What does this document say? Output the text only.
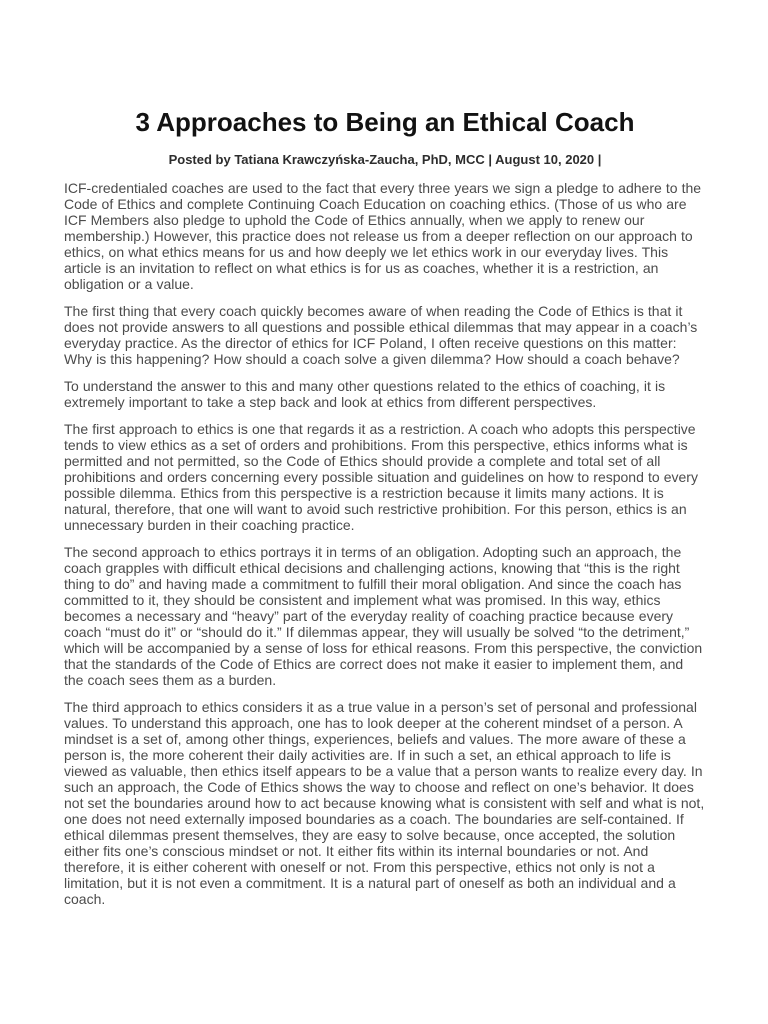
3 Approaches to Being an Ethical Coach
Posted by Tatiana Krawczyńska-Zaucha, PhD, MCC | August 10, 2020 |

ICF-credentialed coaches are used to the fact that every three years we sign a pledge to adhere to the Code of Ethics and complete Continuing Coach Education on coaching ethics. (Those of us who are ICF Members also pledge to uphold the Code of Ethics annually, when we apply to renew our membership.) However, this practice does not release us from a deeper reflection on our approach to ethics, on what ethics means for us and how deeply we let ethics work in our everyday lives. This article is an invitation to reflect on what ethics is for us as coaches, whether it is a restriction, an obligation or a value.

The first thing that every coach quickly becomes aware of when reading the Code of Ethics is that it does not provide answers to all questions and possible ethical dilemmas that may appear in a coach’s everyday practice. As the director of ethics for ICF Poland, I often receive questions on this matter: Why is this happening? How should a coach solve a given dilemma? How should a coach behave?

To understand the answer to this and many other questions related to the ethics of coaching, it is extremely important to take a step back and look at ethics from different perspectives.

The first approach to ethics is one that regards it as a restriction. A coach who adopts this perspective tends to view ethics as a set of orders and prohibitions. From this perspective, ethics informs what is permitted and not permitted, so the Code of Ethics should provide a complete and total set of all prohibitions and orders concerning every possible situation and guidelines on how to respond to every possible dilemma. Ethics from this perspective is a restriction because it limits many actions. It is natural, therefore, that one will want to avoid such restrictive prohibition. For this person, ethics is an unnecessary burden in their coaching practice.

The second approach to ethics portrays it in terms of an obligation. Adopting such an approach, the coach grapples with difficult ethical decisions and challenging actions, knowing that “this is the right thing to do” and having made a commitment to fulfill their moral obligation. And since the coach has committed to it, they should be consistent and implement what was promised. In this way, ethics becomes a necessary and “heavy” part of the everyday reality of coaching practice because every coach “must do it” or “should do it.” If dilemmas appear, they will usually be solved “to the detriment,” which will be accompanied by a sense of loss for ethical reasons. From this perspective, the conviction that the standards of the Code of Ethics are correct does not make it easier to implement them, and the coach sees them as a burden.

The third approach to ethics considers it as a true value in a person’s set of personal and professional values. To understand this approach, one has to look deeper at the coherent mindset of a person. A mindset is a set of, among other things, experiences, beliefs and values. The more aware of these a person is, the more coherent their daily activities are. If in such a set, an ethical approach to life is viewed as valuable, then ethics itself appears to be a value that a person wants to realize every day. In such an approach, the Code of Ethics shows the way to choose and reflect on one’s behavior. It does not set the boundaries around how to act because knowing what is consistent with self and what is not, one does not need externally imposed boundaries as a coach. The boundaries are self-contained. If ethical dilemmas present themselves, they are easy to solve because, once accepted, the solution either fits one’s conscious mindset or not. It either fits within its internal boundaries or not. And therefore, it is either coherent with oneself or not. From this perspective, ethics not only is not a limitation, but it is not even a commitment. It is a natural part of oneself as both an individual and a coach.
